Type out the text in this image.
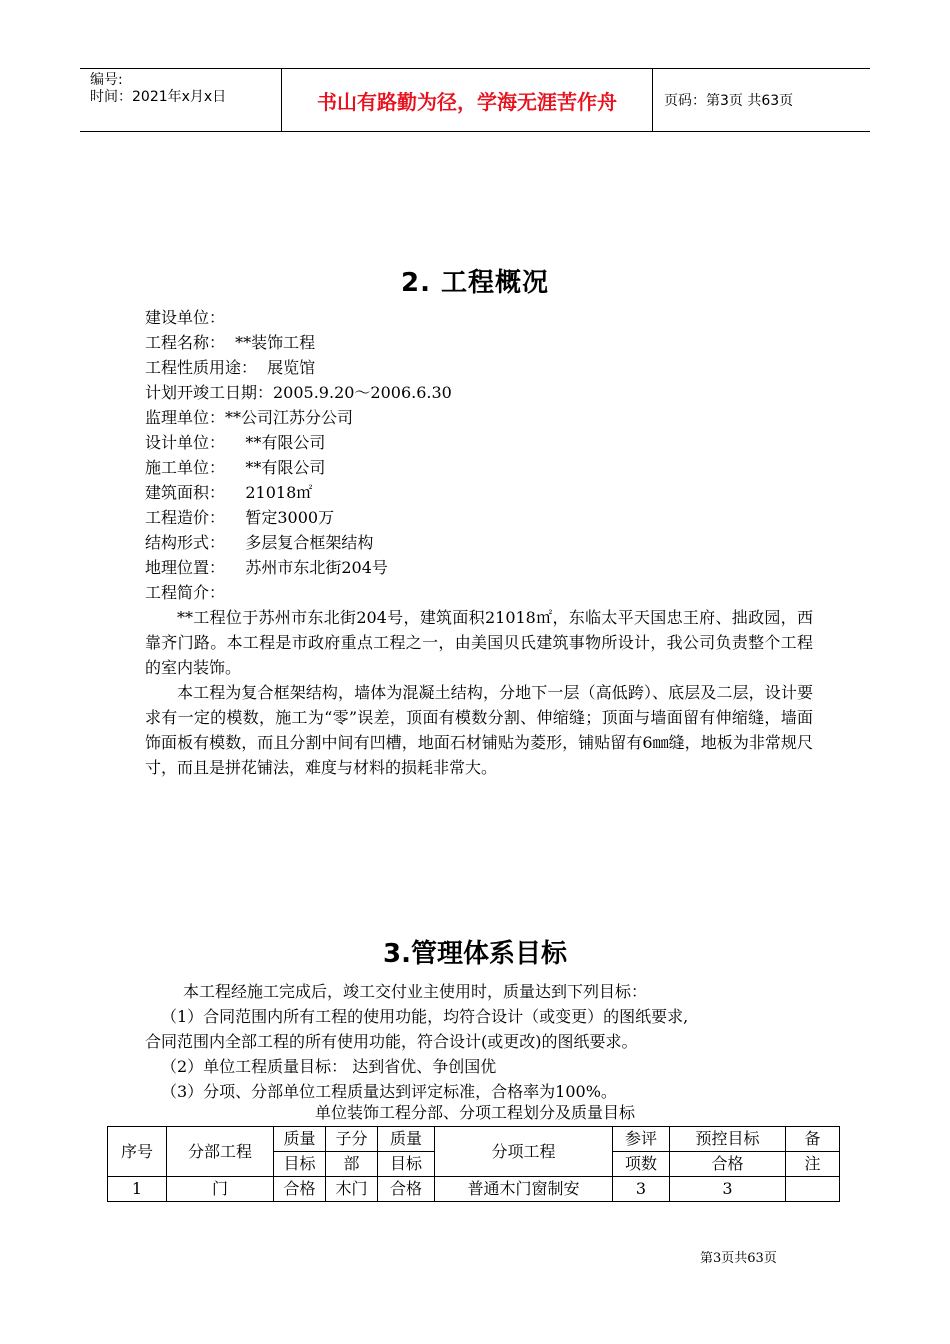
编号:
时间：2021年x月x日	书山有路勤为径，学海无涯苦作舟	页码：第3页 共63页
2. 工程概况
建设单位：
工程名称：  **装饰工程
工程性质用途：  展览馆
计划开竣工日期：2005.9.20～2006.6.30
监理单位：**公司江苏分公司
设计单位：    **有限公司
施工单位：    **有限公司
建筑面积：    21018㎡
工程造价：    暂定3000万
结构形式：    多层复合框架结构
地理位置：    苏州市东北街204号
工程简介：
**工程位于苏州市东北街204号，建筑面积21018㎡，东临太平天国忠王府、拙政园，西靠齐门路。本工程是市政府重点工程之一，由美国贝氏建筑事物所设计，我公司负责整个工程的室内装饰。
本工程为复合框架结构，墙体为混凝土结构，分地下一层（高低跨）、底层及二层，设计要求有一定的模数，施工为“零”误差，顶面有模数分割、伸缩缝；顶面与墙面留有伸缩缝，墙面饰面板有模数，而且分割中间有凹槽，地面石材铺贴为菱形，铺贴留有6㎜缝，地板为非常规尺寸，而且是拼花铺法，难度与材料的损耗非常大。
3.管理体系目标
本工程经施工完成后，竣工交付业主使用时，质量达到下列目标：
（1）合同范围内所有工程的使用功能，均符合设计（或变更）的图纸要求,
合同范围内全部工程的所有使用功能，符合设计(或更改)的图纸要求。
（2）单位工程质量目标： 达到省优、争创国优
（3）分项、分部单位工程质量达到评定标准，合格率为100%。
单位装饰工程分部、分项工程划分及质量目标
序号	分部工程	质量	子分	质量	分项工程	参评	预控目标	备
		目标	部	目标		项数	合格	注
1	门	合格	木门	合格	普通木门窗制安	3	3	
第3页共63页
